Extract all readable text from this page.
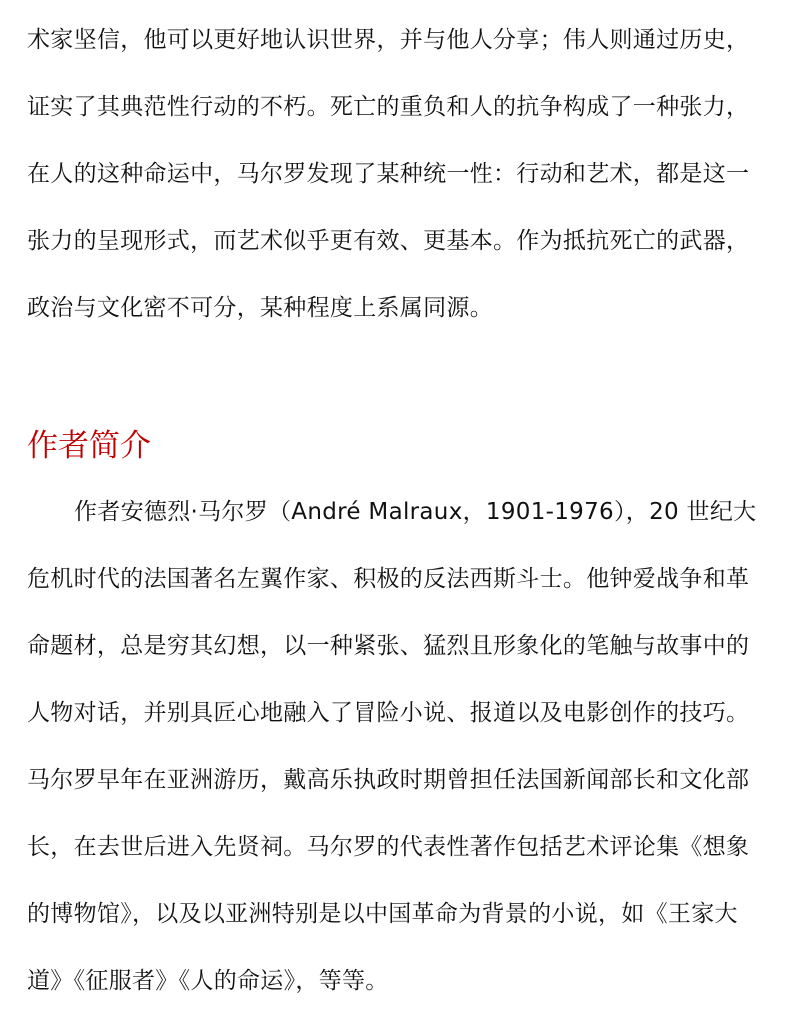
术家坚信，他可以更好地认识世界，并与他人分享；伟人则通过历史，
证实了其典范性行动的不朽。死亡的重负和人的抗争构成了一种张力，
在人的这种命运中，马尔罗发现了某种统一性：行动和艺术，都是这一
张力的呈现形式，而艺术似乎更有效、更基本。作为抵抗死亡的武器，
政治与文化密不可分，某种程度上系属同源。
作者简介
作者安德烈·马尔罗（André Malraux，1901-1976），20 世纪大
危机时代的法国著名左翼作家、积极的反法西斯斗士。他钟爱战争和革
命题材，总是穷其幻想，以一种紧张、猛烈且形象化的笔触与故事中的
人物对话，并别具匠心地融入了冒险小说、报道以及电影创作的技巧。
马尔罗早年在亚洲游历，戴高乐执政时期曾担任法国新闻部长和文化部
长，在去世后进入先贤祠。马尔罗的代表性著作包括艺术评论集《想象
的博物馆》，以及以亚洲特别是以中国革命为背景的小说，如《王家大
道》《征服者》《人的命运》，等等。
